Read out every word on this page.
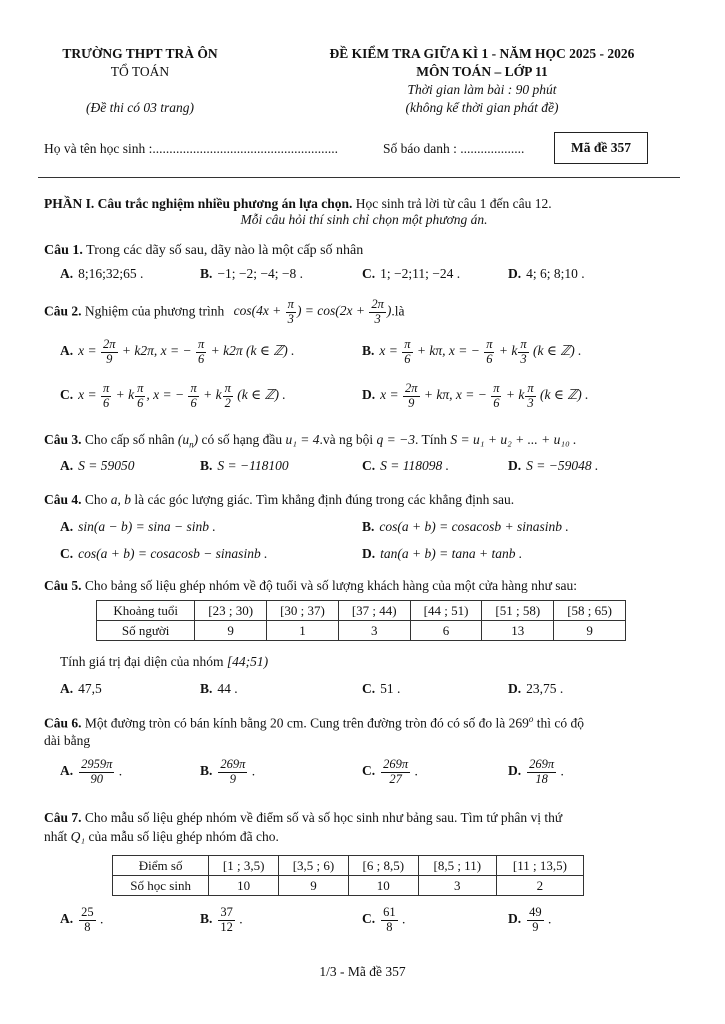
TRƯỜNG THPT TRÀ ÔN
TỔ TOÁN
(Đề thi có 03 trang)
ĐỀ KIỂM TRA GIỮA KÌ 1 - NĂM HỌC 2025 - 2026
MÔN TOÁN – LỚP 11
Thời gian làm bài : 90 phút
(không kể thời gian phát đề)
Họ và tên học sinh :.......................................................	Số báo danh : ...................	Mã đề 357
PHẦN I. Câu trắc nghiệm nhiều phương án lựa chọn. Học sinh trả lời từ câu 1 đến câu 12.
Mỗi câu hỏi thí sinh chỉ chọn một phương án.
Câu 1. Trong các dãy số sau, dãy nào là một cấp số nhân
A. 8;16;32;65 .	B. −1; −2; −4; −8 .	C. 1; −2;11; −24 .	D. 4; 6; 8;10 .
Câu 2. Nghiệm của phương trình $\cos(4x + \frac{\pi}{3}$ ) = $\cos(2x + \frac{2\pi}{3}$ ).là
A. $x = \frac{2\pi}{9} + k2\pi$, x = − $\frac{\pi}{6} + k2\pi$ (k ∈ ℤ) .	B. $x = \frac{\pi}{6} + k\pi$, x = − $\frac{\pi}{6} + k \frac{\pi}{3} (k$ ∈ ℤ) .
C. $x = \frac{\pi}{6} + k \frac{\pi}{6}$ , x = − $\frac{\pi}{6} + k \frac{\pi}{2} (k$ ∈ ℤ) .	D. $x = \frac{2\pi}{9} + k\pi$, x = − $\frac{\pi}{6} + k \frac{\pi}{3} (k$ ∈ ℤ) .
Câu 3. Cho cấp số nhân $(u_n)$ có số hạng đầu u₁ = 4.và ng bội q = −3. Tính S = u₁ + u₂ + ... + u₁₀ .
A. S = 59050	B. S = −118100	C. S = 118098 .	D. S = −59048 .
Câu 4. Cho a, b là các góc lượng giác. Tìm khẳng định đúng trong các khẳng định sau.
A. sin(a − b) = sina − sinb .	B. cos(a + b) = cosacosb + sinasinb .
C. cos(a + b) = cosacosb − sinasinb .	D. tan(a + b) = tana + tanb .
Câu 5. Cho bảng số liệu ghép nhóm về độ tuổi và số lượng khách hàng của một cửa hàng như sau:
Khoảng tuổi	[23 ; 30)	[30 ; 37)	[37 ; 44)	[44 ; 51)	[51 ; 58)	[58 ; 65)
Số người	9	1	3	6	13	9
Tính giá trị đại diện của nhóm [44;51)
A. 47,5	B. 44 .	C. 51 .	D. 23,75 .
Câu 6. Một đường tròn có bán kính bằng 20 cm. Cung trên đường tròn đó có số đo là 269$^o$ thì có độ
dài bằng
A. $\frac{2959\pi}{90}$ .	B. $\frac{269\pi}{9}$ .	C. $\frac{269\pi}{27}$ .	D. $\frac{269\pi}{18}$ .
Câu 7. Cho mẫu số liệu ghép nhóm về điểm số và số học sinh như bảng sau. Tìm tứ phân vị thứ
nhất Q₁ của mẫu số liệu ghép nhóm đã cho.
Điểm số	[1 ; 3,5)	[3,5 ; 6)	[6 ; 8,5)	[8,5 ; 11)	[11 ; 13,5)
Số học sinh	10	9	10	3	2
A. $\frac{25}{8}$ .	B. $\frac{37}{12}$ .	C. $\frac{61}{8}$ .	D. $\frac{49}{9}$ .
1/3 - Mã đề 357
